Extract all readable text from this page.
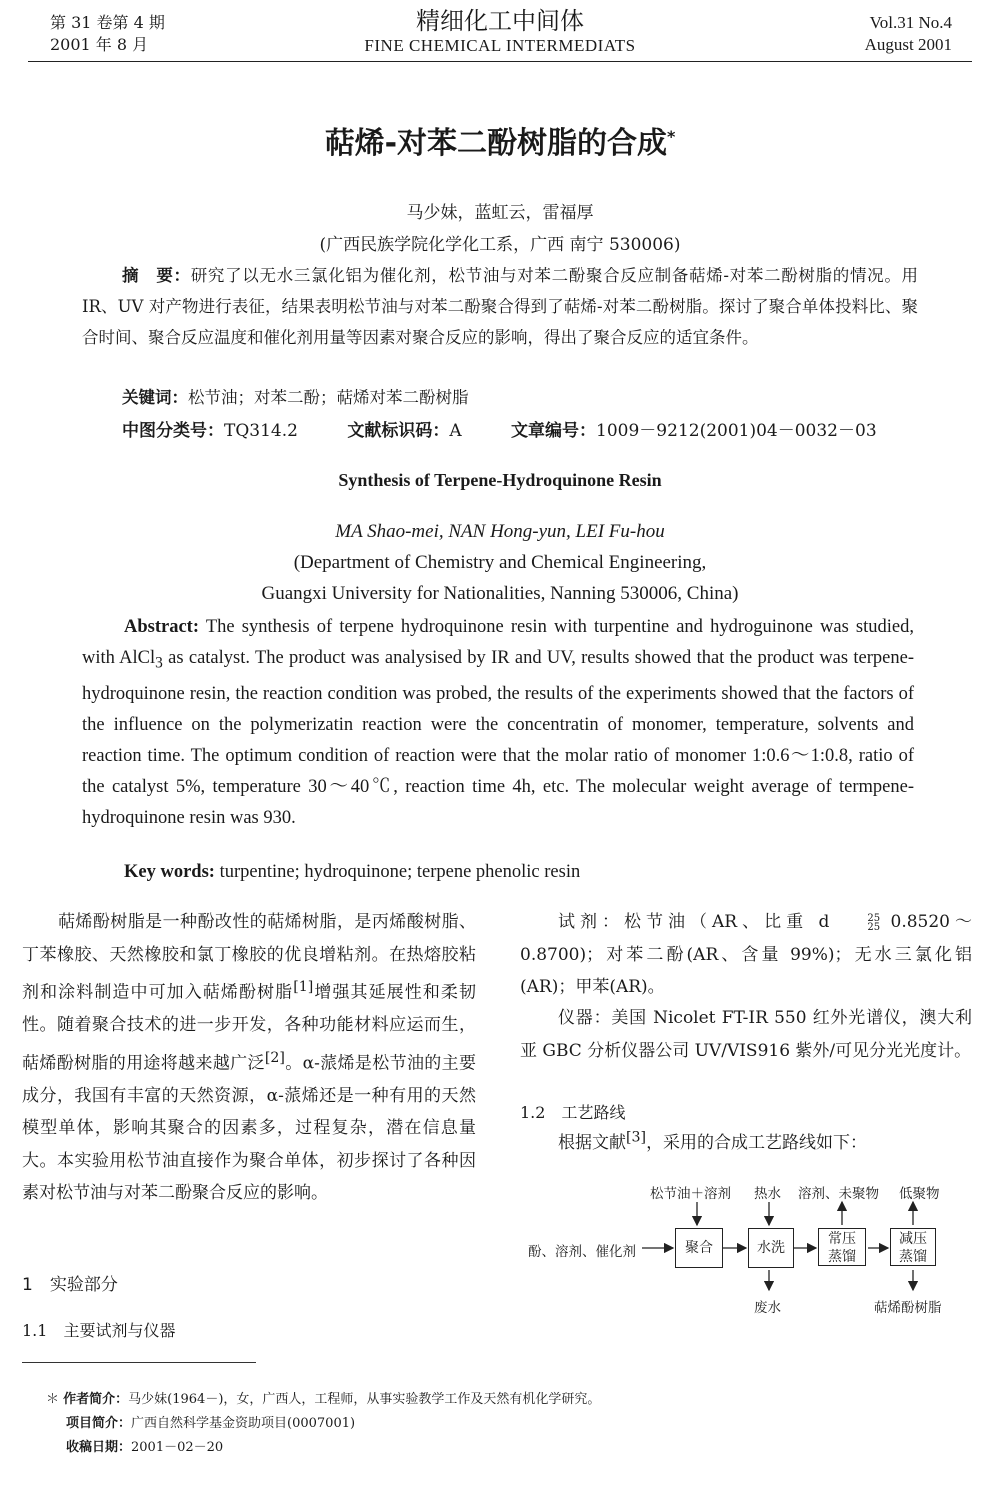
第 31 卷第 4 期
2001 年 8 月
精细化工中间体
FINE CHEMICAL INTERMEDIATS
Vol.31 No.4
August 2001
萜烯-对苯二酚树脂的合成*
马少妹，蓝虹云，雷福厚
(广西民族学院化学化工系，广西 南宁 530006)
摘　要：研究了以无水三氯化铝为催化剂，松节油与对苯二酚聚合反应制备萜烯-对苯二酚树脂的情况。用 IR、UV 对产物进行表征，结果表明松节油与对苯二酚聚合得到了萜烯-对苯二酚树脂。探讨了聚合单体投料比、聚合时间、聚合反应温度和催化剂用量等因素对聚合反应的影响，得出了聚合反应的适宜条件。
关键词：松节油；对苯二酚；萜烯对苯二酚树脂
中图分类号：TQ314.2	文献标识码：A	文章编号：1009－9212(2001)04－0032－03
Synthesis of Terpene-Hydroquinone Resin
MA Shao-mei, NAN Hong-yun, LEI Fu-hou
(Department of Chemistry and Chemical Engineering,
Guangxi University for Nationalities, Nanning 530006, China)
Abstract: The synthesis of terpene hydroquinone resin with turpentine and hydroguinone was studied, with AlCl$_3$ as catalyst. The product was analysised by IR and UV, results showed that the product was terpene-hydroquinone resin, the reaction condition was probed, the results of the experiments showed that the factors of the influence on the polymerizatin reaction were the concentratin of monomer, temperature, solvents and reaction time. The optimum condition of reaction were that the molar ratio of monomer 1:0.6～1:0.8, ratio of the catalyst 5%, temperature 30～40℃, reaction time 4h, etc. The molecular weight average of termpene-hydroquinone resin was 930.
Key words: turpentine; hydroquinone; terpene phenolic resin
萜烯酚树脂是一种酚改性的萜烯树脂，是丙烯酸树脂、丁苯橡胶、天然橡胶和氯丁橡胶的优良增粘剂。在热熔胶粘剂和涂料制造中可加入萜烯酚树脂[1]增强其延展性和柔韧性。随着聚合技术的进一步开发，各种功能材料应运而生，萜烯酚树脂的用途将越来越广泛[2]。α-蒎烯是松节油的主要成分，我国有丰富的天然资源，α-蒎烯还是一种有用的天然模型单体，影响其聚合的因素多，过程复杂，潜在信息量大。本实验用松节油直接作为聚合单体，初步探讨了各种因素对松节油与对苯二酚聚合反应的影响。
1　实验部分
1.1　主要试剂与仪器
试剂：松节油（AR、比重 d	25
25 0.8520～0.8700)；对苯二酚(AR、含量 99%)；无水三氯化铝(AR)；甲苯(AR)。
仪器：美国 Nicolet FT-IR 550 红外光谱仪，澳大利亚 GBC 分析仪器公司 UV/VIS916 紫外/可见分光光度计。
1.2　工艺路线
根据文献[3]，采用的合成工艺路线如下：
酚、溶剂、催化剂
松节油＋溶剂 热水 溶剂、未聚物 低聚物
聚合	水洗
常压
蒸馏
减压
蒸馏
废水	萜烯酚树脂
＊ 作者简介：马少妹(1964－)，女，广西人，工程师，从事实验教学工作及天然有机化学研究。
项目简介：广西自然科学基金资助项目(0007001)
收稿日期：2001－02－20
